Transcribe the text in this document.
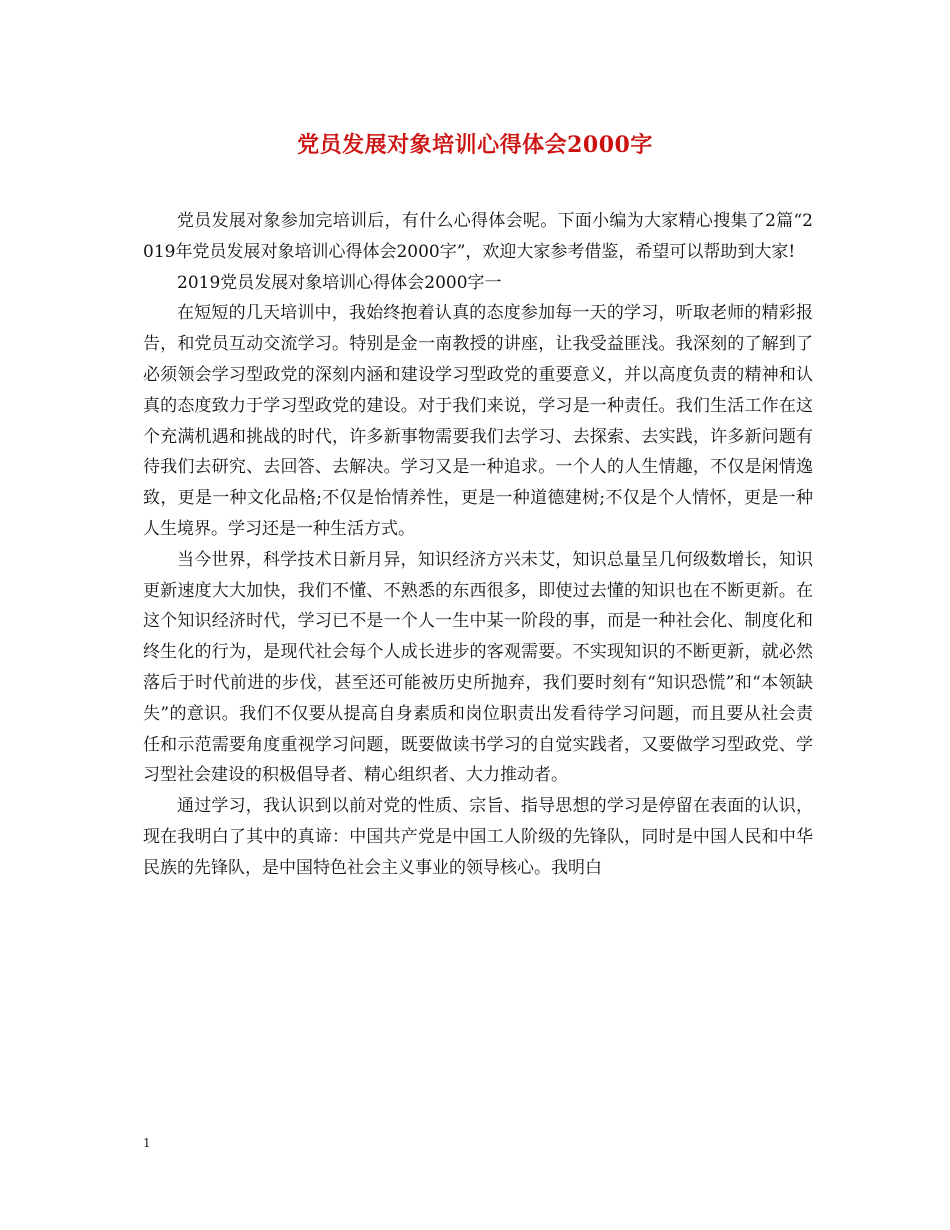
党员发展对象培训心得体会2000字

党员发展对象参加完培训后，有什么心得体会呢。下面小编为大家精心搜集了2篇“2019年党员发展对象培训心得体会2000字”，欢迎大家参考借鉴，希望可以帮助到大家!

2019党员发展对象培训心得体会2000字一

在短短的几天培训中，我始终抱着认真的态度参加每一天的学习，听取老师的精彩报告，和党员互动交流学习。特别是金一南教授的讲座，让我受益匪浅。我深刻的了解到了必须领会学习型政党的深刻内涵和建设学习型政党的重要意义，并以高度负责的精神和认真的态度致力于学习型政党的建设。对于我们来说，学习是一种责任。我们生活工作在这个充满机遇和挑战的时代，许多新事物需要我们去学习、去探索、去实践，许多新问题有待我们去研究、去回答、去解决。学习又是一种追求。一个人的人生情趣，不仅是闲情逸致，更是一种文化品格;不仅是怡情养性，更是一种道德建树;不仅是个人情怀，更是一种人生境界。学习还是一种生活方式。

当今世界，科学技术日新月异，知识经济方兴未艾，知识总量呈几何级数增长，知识更新速度大大加快，我们不懂、不熟悉的东西很多，即使过去懂的知识也在不断更新。在这个知识经济时代，学习已不是一个人一生中某一阶段的事，而是一种社会化、制度化和终生化的行为，是现代社会每个人成长进步的客观需要。不实现知识的不断更新，就必然落后于时代前进的步伐，甚至还可能被历史所抛弃，我们要时刻有“知识恐慌”和“本领缺失”的意识。我们不仅要从提高自身素质和岗位职责出发看待学习问题，而且要从社会责任和示范需要角度重视学习问题，既要做读书学习的自觉实践者，又要做学习型政党、学习型社会建设的积极倡导者、精心组织者、大力推动者。

通过学习，我认识到以前对党的性质、宗旨、指导思想的学习是停留在表面的认识，现在我明白了其中的真谛：中国共产党是中国工人阶级的先锋队，同时是中国人民和中华民族的先锋队，是中国特色社会主义事业的领导核心。我明白

1
